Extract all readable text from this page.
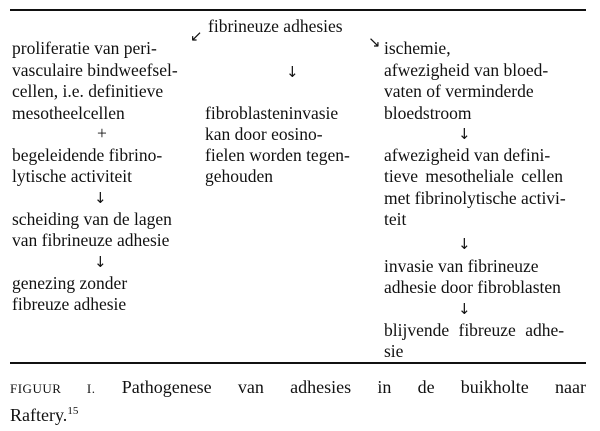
fibrineuze adhesies
↙	↘
proliferatie van peri-
vasculaire bindweefsel-
cellen, i.e. definitieve
mesotheelcellen
+
begeleidende fibrino-
lytische activiteit
↓
scheiding van de lagen
van fibrineuze adhesie
↓
genezing zonder
fibreuze adhesie
↓
fibroblasteninvasie
kan door eosino-
fielen worden tegen-
gehouden
ischemie,
afwezigheid van bloed-
vaten of verminderde
bloedstroom
↓
afwezigheid van defini-
tieve mesotheliale cellen
met fibrinolytische activi-
teit
↓
invasie van fibrineuze
adhesie door fibroblasten
↓
blijvende fibreuze adhe-
sie
FIGUUR I. Pathogenese van adhesies in de buikholte naar
Raftery.$^{15}$
